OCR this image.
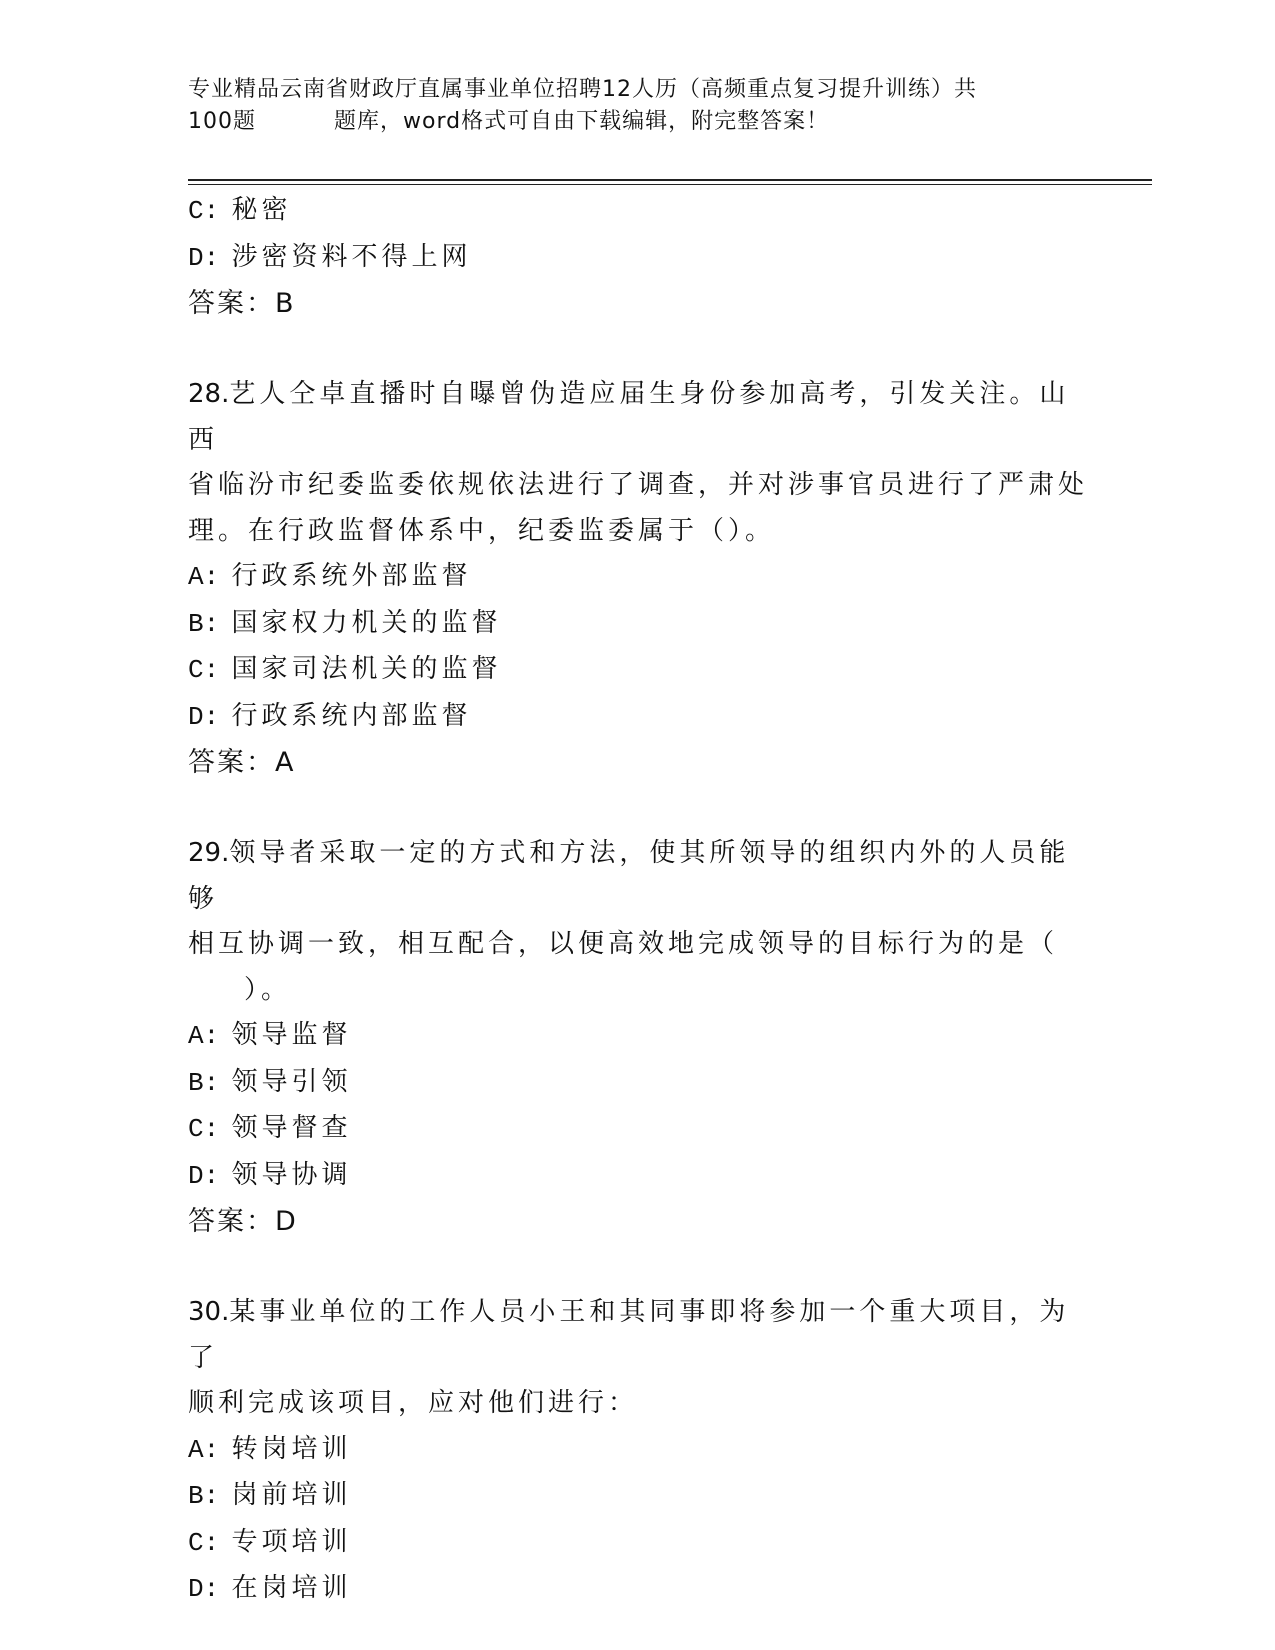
专业精品云南省财政厅直属事业单位招聘12人历（高频重点复习提升训练）共
100题	题库，word格式可自由下载编辑，附完整答案！
C: 秘密
D: 涉密资料不得上网
答案：B
28.艺人仝卓直播时自曝曾伪造应届生身份参加高考，引发关注。山西
省临汾市纪委监委依规依法进行了调查，并对涉事官员进行了严肃处
理。在行政监督体系中，纪委监委属于（）。
A: 行政系统外部监督
B: 国家权力机关的监督
C: 国家司法机关的监督
D: 行政系统内部监督
答案：A
29.领导者采取一定的方式和方法，使其所领导的组织内外的人员能够
相互协调一致，相互配合，以便高效地完成领导的目标行为的是（
）。
A: 领导监督
B: 领导引领
C: 领导督查
D: 领导协调
答案：D
30.某事业单位的工作人员小王和其同事即将参加一个重大项目，为了
顺利完成该项目，应对他们进行：
A: 转岗培训
B: 岗前培训
C: 专项培训
D: 在岗培训
